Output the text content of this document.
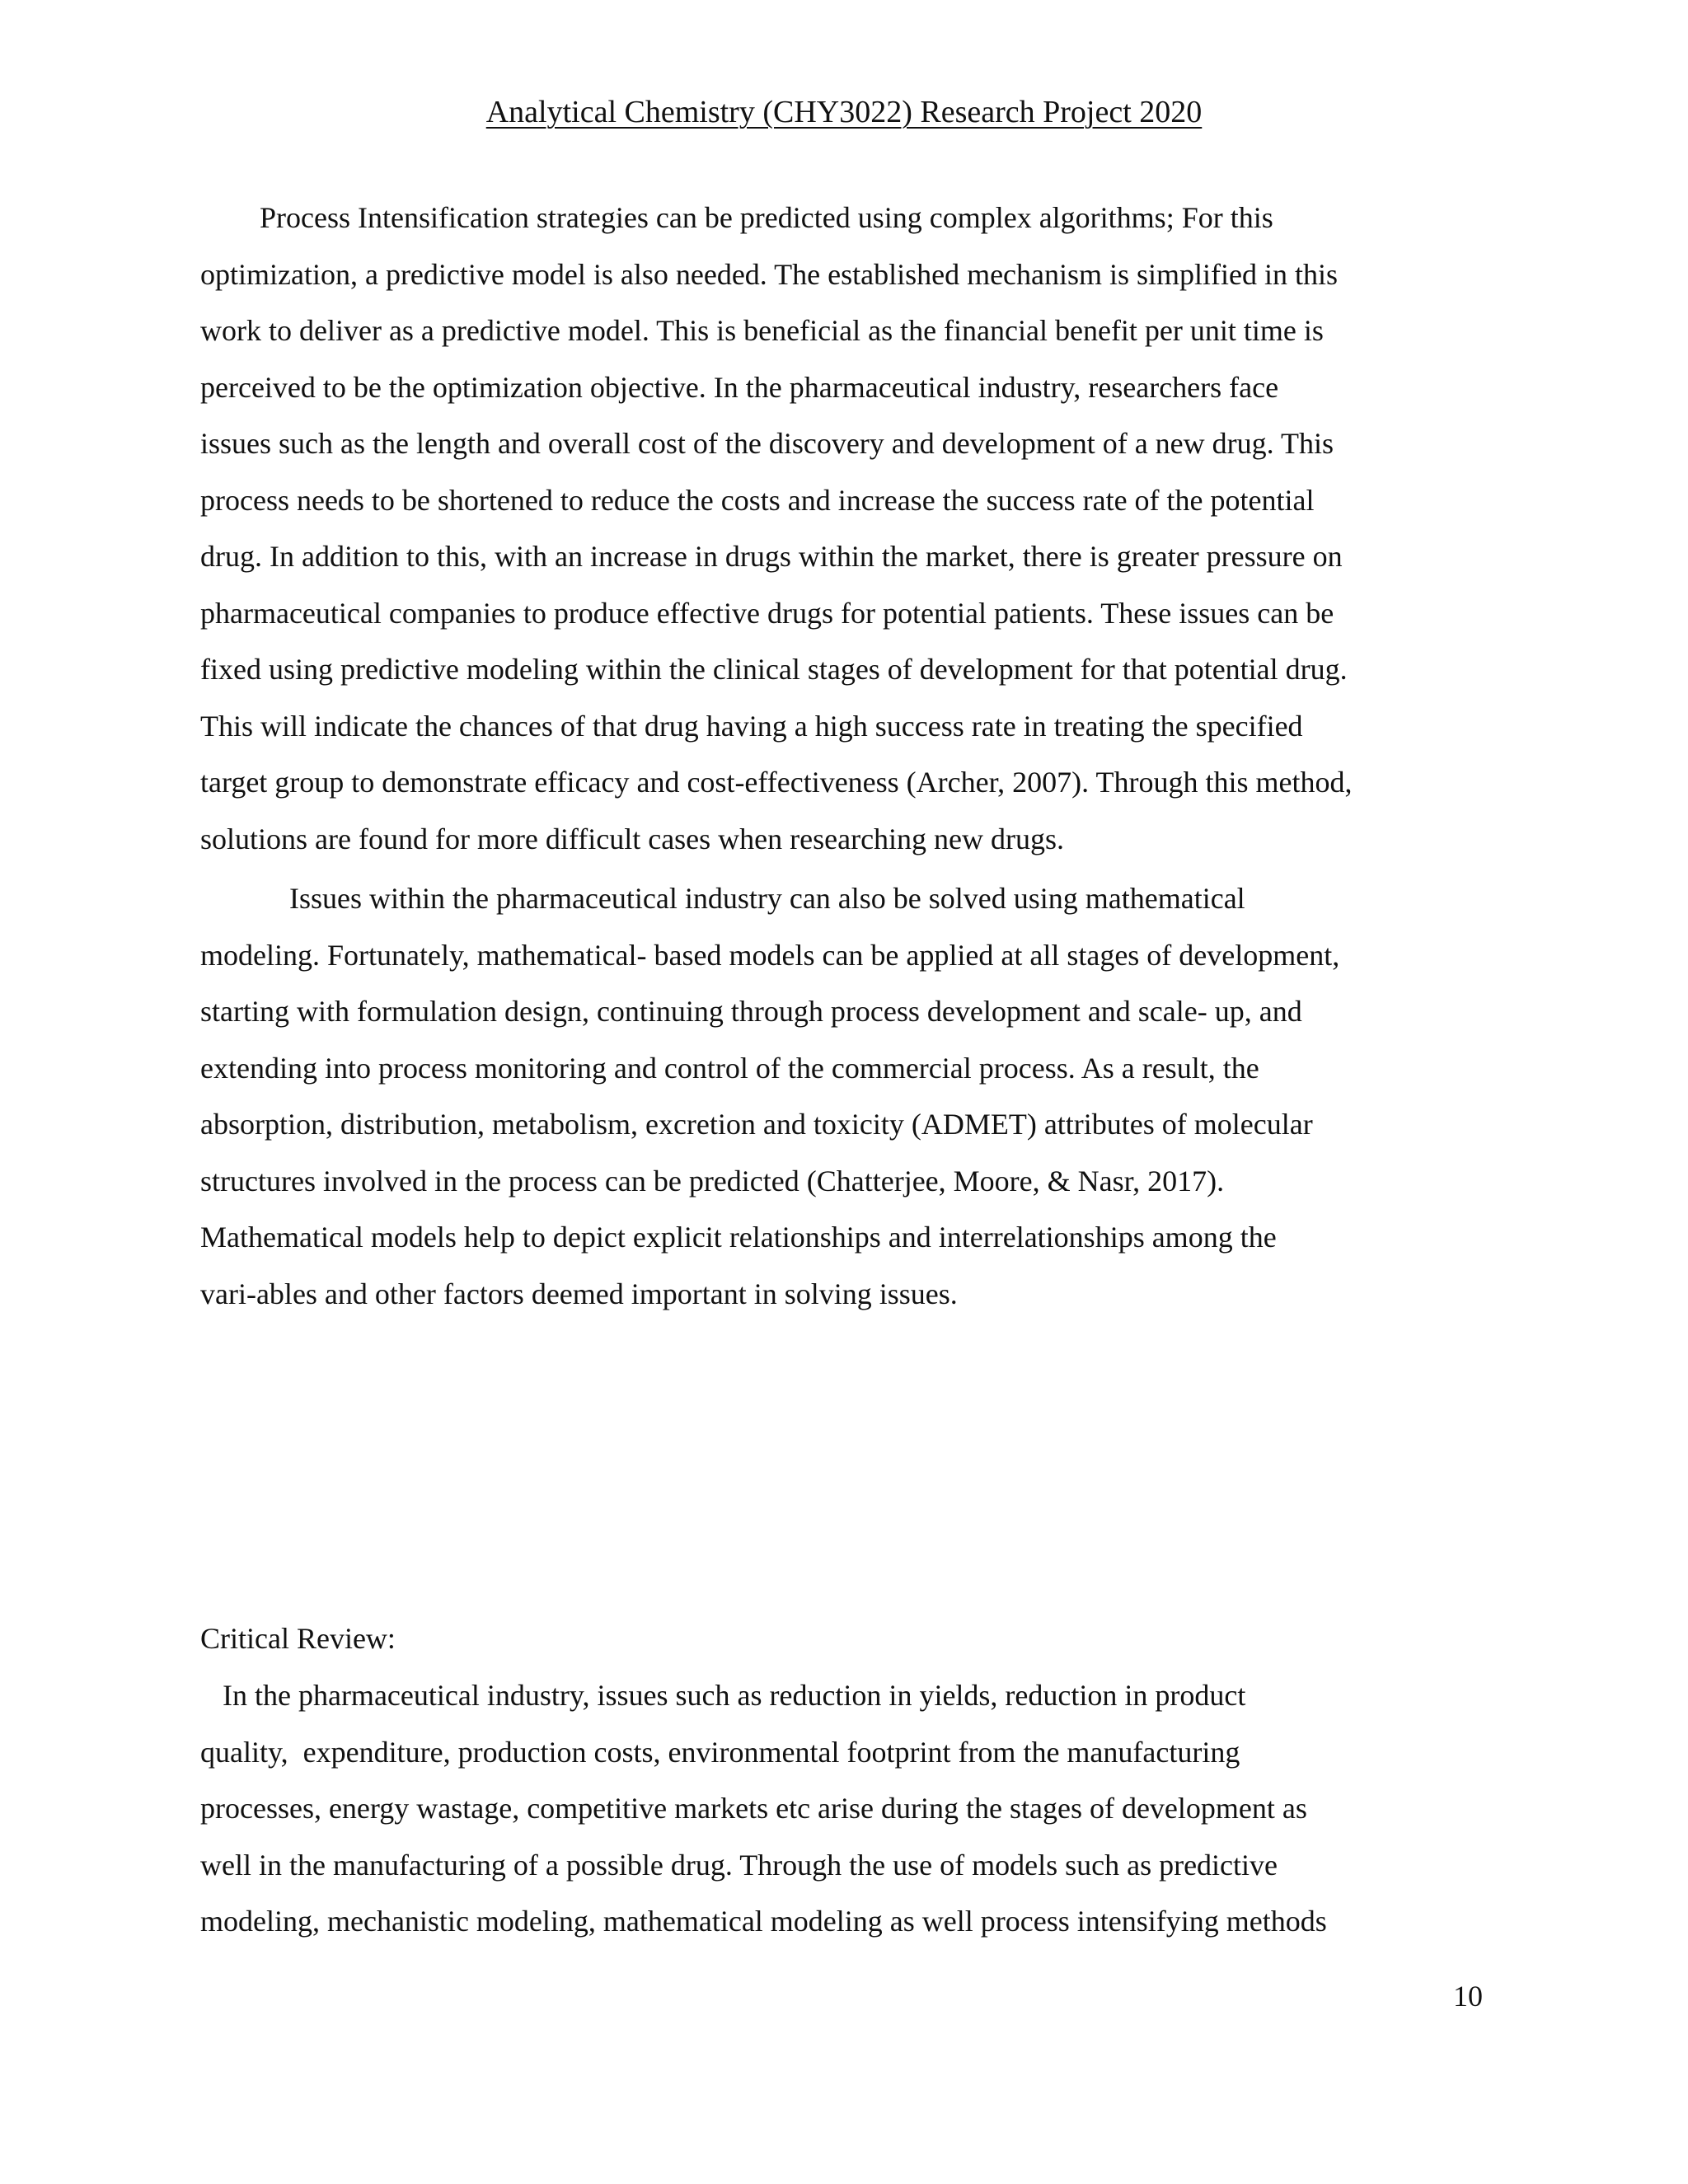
Analytical Chemistry (CHY3022) Research Project 2020

Process Intensification strategies can be predicted using complex algorithms; For this
optimization, a predictive model is also needed. The established mechanism is simplified in this
work to deliver as a predictive model. This is beneficial as the financial benefit per unit time is
perceived to be the optimization objective. In the pharmaceutical industry, researchers face
issues such as the length and overall cost of the discovery and development of a new drug. This
process needs to be shortened to reduce the costs and increase the success rate of the potential
drug. In addition to this, with an increase in drugs within the market, there is greater pressure on
pharmaceutical companies to produce effective drugs for potential patients. These issues can be
fixed using predictive modeling within the clinical stages of development for that potential drug.
This will indicate the chances of that drug having a high success rate in treating the specified
target group to demonstrate efficacy and cost-effectiveness (Archer, 2007). Through this method,
solutions are found for more difficult cases when researching new drugs.

Issues within the pharmaceutical industry can also be solved using mathematical
modeling. Fortunately, mathematical- based models can be applied at all stages of development,
starting with formulation design, continuing through process development and scale- up, and
extending into process monitoring and control of the commercial process. As a result, the
absorption, distribution, metabolism, excretion and toxicity (ADMET) attributes of molecular
structures involved in the process can be predicted (Chatterjee, Moore, & Nasr, 2017).
Mathematical models help to depict explicit relationships and interrelationships among the
vari-ables and other factors deemed important in solving issues.

Critical Review:

In the pharmaceutical industry, issues such as reduction in yields, reduction in product
quality,  expenditure, production costs, environmental footprint from the manufacturing
processes, energy wastage, competitive markets etc arise during the stages of development as
well in the manufacturing of a possible drug. Through the use of models such as predictive
modeling, mechanistic modeling, mathematical modeling as well process intensifying methods

10
